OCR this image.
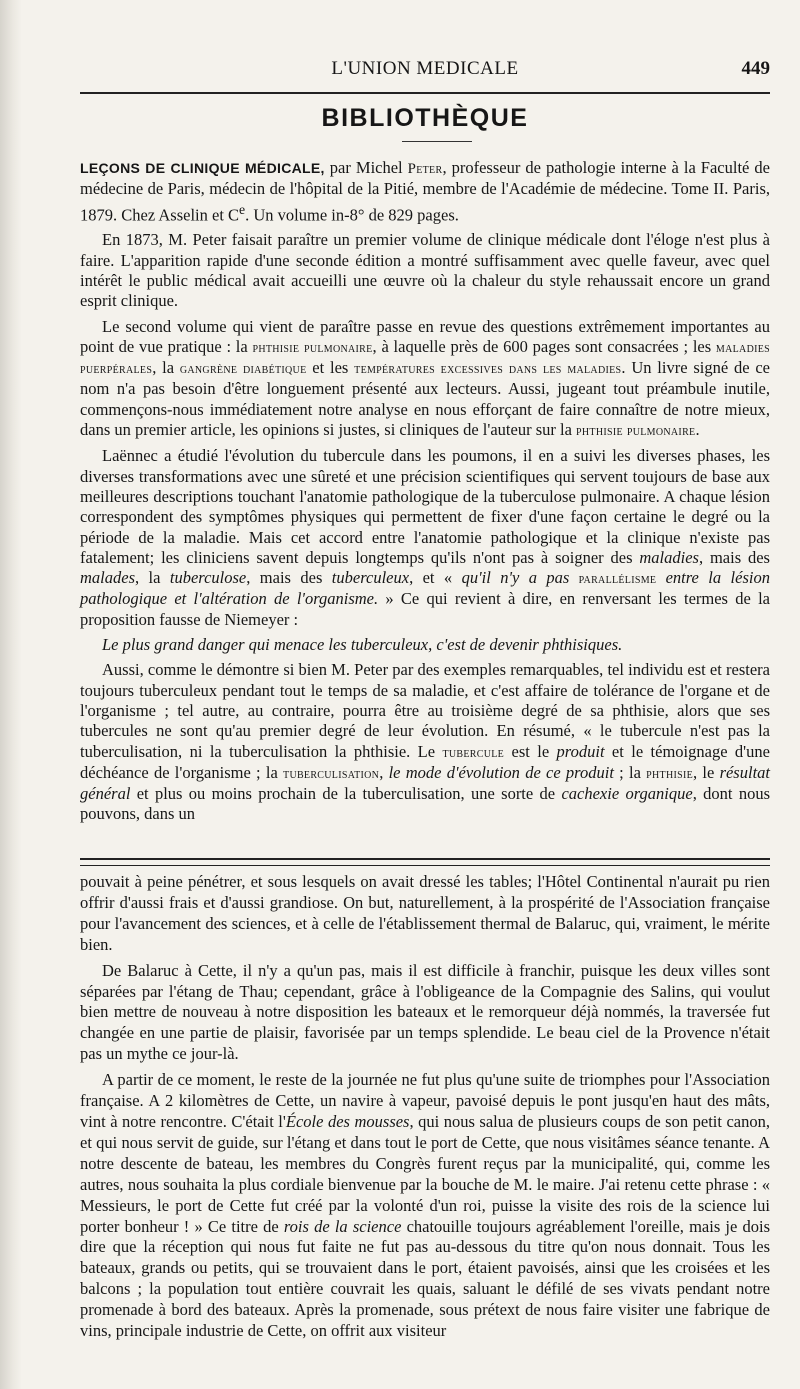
L'UNION MEDICALE	449
BIBLIOTHÈQUE

LEÇONS DE CLINIQUE MÉDICALE, par Michel Peter, professeur de pathologie interne à la Faculté de médecine de Paris, médecin de l'hôpital de la Pitié, membre de l'Académie de médecine. Tome II. Paris, 1879. Chez Asselin et Ce. Un volume in-8° de 829 pages.

En 1873, M. Peter faisait paraître un premier volume de clinique médicale dont l'éloge n'est plus à faire. L'apparition rapide d'une seconde édition a montré suffisamment avec quelle faveur, avec quel intérêt le public médical avait accueilli une œuvre où la chaleur du style rehaussait encore un grand esprit clinique.

Le second volume qui vient de paraître passe en revue des questions extrêmement importantes au point de vue pratique : la phthisie pulmonaire, à laquelle près de 600 pages sont consacrées ; les maladies puerpérales, la gangrène diabétique et les températures excessives dans les maladies. Un livre signé de ce nom n'a pas besoin d'être longuement présenté aux lecteurs. Aussi, jugeant tout préambule inutile, commençons-nous immédiatement notre analyse en nous efforçant de faire connaître de notre mieux, dans un premier article, les opinions si justes, si cliniques de l'auteur sur la phthisie pulmonaire.

Laënnec a étudié l'évolution du tubercule dans les poumons, il en a suivi les diverses phases, les diverses transformations avec une sûreté et une précision scientifiques qui servent toujours de base aux meilleures descriptions touchant l'anatomie pathologique de la tuberculose pulmonaire. A chaque lésion correspondent des symptômes physiques qui permettent de fixer d'une façon certaine le degré ou la période de la maladie. Mais cet accord entre l'anatomie pathologique et la clinique n'existe pas fatalement; les cliniciens savent depuis longtemps qu'ils n'ont pas à soigner des maladies, mais des malades, la tuberculose, mais des tuberculeux, et « qu'il n'y a pas parallélisme entre la lésion pathologique et l'altération de l'organisme. » Ce qui revient à dire, en renversant les termes de la proposition fausse de Niemeyer :

Le plus grand danger qui menace les tuberculeux, c'est de devenir phthisiques.

Aussi, comme le démontre si bien M. Peter par des exemples remarquables, tel individu est et restera toujours tuberculeux pendant tout le temps de sa maladie, et c'est affaire de tolérance de l'organe et de l'organisme ; tel autre, au contraire, pourra être au troisième degré de sa phthisie, alors que ses tubercules ne sont qu'au premier degré de leur évolution. En résumé, « le tubercule n'est pas la tuberculisation, ni la tuberculisation la phthisie. Le tubercule est le produit et le témoignage d'une déchéance de l'organisme ; la tuberculisation, le mode d'évolution de ce produit ; la phthisie, le résultat général et plus ou moins prochain de la tuberculisation, une sorte de cachexie organique, dont nous pouvons, dans un

pouvait à peine pénétrer, et sous lesquels on avait dressé les tables; l'Hôtel Continental n'aurait pu rien offrir d'aussi frais et d'aussi grandiose. On but, naturellement, à la prospérité de l'Association française pour l'avancement des sciences, et à celle de l'établissement thermal de Balaruc, qui, vraiment, le mérite bien.

De Balaruc à Cette, il n'y a qu'un pas, mais il est difficile à franchir, puisque les deux villes sont séparées par l'étang de Thau; cependant, grâce à l'obligeance de la Compagnie des Salins, qui voulut bien mettre de nouveau à notre disposition les bateaux et le remorqueur déjà nommés, la traversée fut changée en une partie de plaisir, favorisée par un temps splendide. Le beau ciel de la Provence n'était pas un mythe ce jour-là.

A partir de ce moment, le reste de la journée ne fut plus qu'une suite de triomphes pour l'Association française. A 2 kilomètres de Cette, un navire à vapeur, pavoisé depuis le pont jusqu'en haut des mâts, vint à notre rencontre. C'était l'École des mousses, qui nous salua de plusieurs coups de son petit canon, et qui nous servit de guide, sur l'étang et dans tout le port de Cette, que nous visitâmes séance tenante. A notre descente de bateau, les membres du Congrès furent reçus par la municipalité, qui, comme les autres, nous souhaita la plus cordiale bienvenue par la bouche de M. le maire. J'ai retenu cette phrase : « Messieurs, le port de Cette fut créé par la volonté d'un roi, puisse la visite des rois de la science lui porter bonheur ! » Ce titre de rois de la science chatouille toujours agréablement l'oreille, mais je dois dire que la réception qui nous fut faite ne fut pas au-dessous du titre qu'on nous donnait. Tous les bateaux, grands ou petits, qui se trouvaient dans le port, étaient pavoisés, ainsi que les croisées et les balcons ; la population tout entière couvrait les quais, saluant le défilé de ses vivats pendant notre promenade à bord des bateaux. Après la promenade, sous prétext de nous faire visiter une fabrique de vins, principale industrie de Cette, on offrit aux visiteur
